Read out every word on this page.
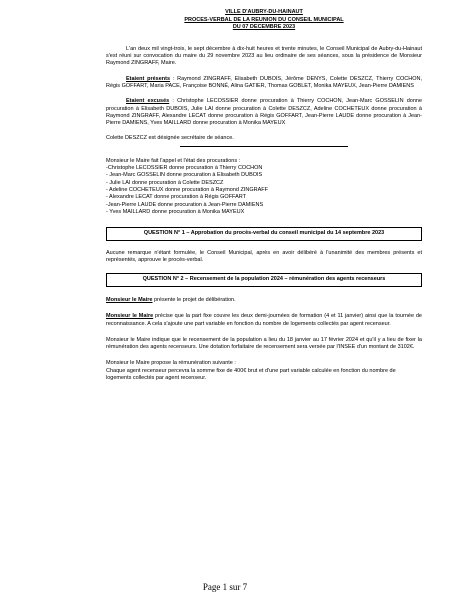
VILLE D'AUBRY-DU-HAINAUT
PROCES-VERBAL DE LA REUNION DU CONSEIL MUNICIPAL
DU 07 DECEMBRE 2023

L'an deux mil vingt-trois, le sept décembre à dix-huit heures et trente minutes, le Conseil Municipal de Aubry-du-Hainaut s'est réuni sur convocation du maire du 29 novembre 2023 au lieu ordinaire de ses séances, sous la présidence de Monsieur Raymond ZINGRAFF, Maire.

Etaient présents : Raymond ZINGRAFF, Elisabeth DUBOIS, Jérôme DENYS, Colette DESZCZ, Thierry COCHON, Régis GOFFART, Maria PACE, Françoise BONNÉ, Alina GATIER, Thomas GOBLET, Monika MAYEUX, Jean-Pierre DAMIENS

Etaient excusés : Christophe LECOSSIER donne procuration à Thierry COCHON, Jean-Marc GOSSELIN donne procuration à Elisabeth DUBOIS, Julie LAI donne procuration à Colette DESZCZ, Adeline COCHETEUX donne procuration à Raymond ZINGRAFF, Alexandre LECAT donne procuration à Régis GOFFART, Jean-Pierre LAUDE donne procuration à Jean-Pierre DAMIENS, Yves MAILLARD donne procuration à Monika MAYEUX

Colette DESZCZ est désignée secrétaire de séance.

Monsieur le Maire fait l'appel et l'état des procurations :
-Christophe LECOSSIER donne procuration à Thierry COCHON
- Jean-Marc GOSSELIN donne procuration à Elisabeth DUBOIS
- Julie LAI donne procuration à Colette DESZCZ
- Adeline COCHETEUX donne procuration à Raymond ZINGRAFF
- Alexandre LECAT donne procuration à Régis GOFFART
-Jean-Pierre LAUDE donne procuration à Jean-Pierre DAMIENS
- Yves MAILLARD donne procuration à Monika MAYEUX
QUESTION N° 1 – Approbation du procès-verbal du conseil municipal du 14 septembre 2023

Aucune remarque n'étant formulée, le Conseil Municipal, après en avoir délibéré à l'unanimité des membres présents et représentés, approuve le procès-verbal.

QUESTION N° 2 – Recensement de la population 2024 – rémunération des agents recenseurs

Monsieur le Maire présente le projet de délibération.

Monsieur le Maire précise que la part fixe couvre les deux demi-journées de formation (4 et 11 janvier) ainsi que la tournée de reconnaissance. A cela s'ajoute une part variable en fonction du nombre de logements collectés par agent recenseur.

Monsieur le Maire indique que le recensement de la population a lieu du 18 janvier au 17 février 2024 et qu'il y a lieu de fixer la rémunération des agents recenseurs. Une dotation forfaitaire de recensement sera versée par l'INSEE d'un montant de 3102€.

Monsieur le Maire propose la rémunération suivante :
Chaque agent recenseur percevra la somme fixe de 400€ brut et d'une part variable calculée en fonction du nombre de logements collectés par agent recenseur.

Page 1 sur 7
